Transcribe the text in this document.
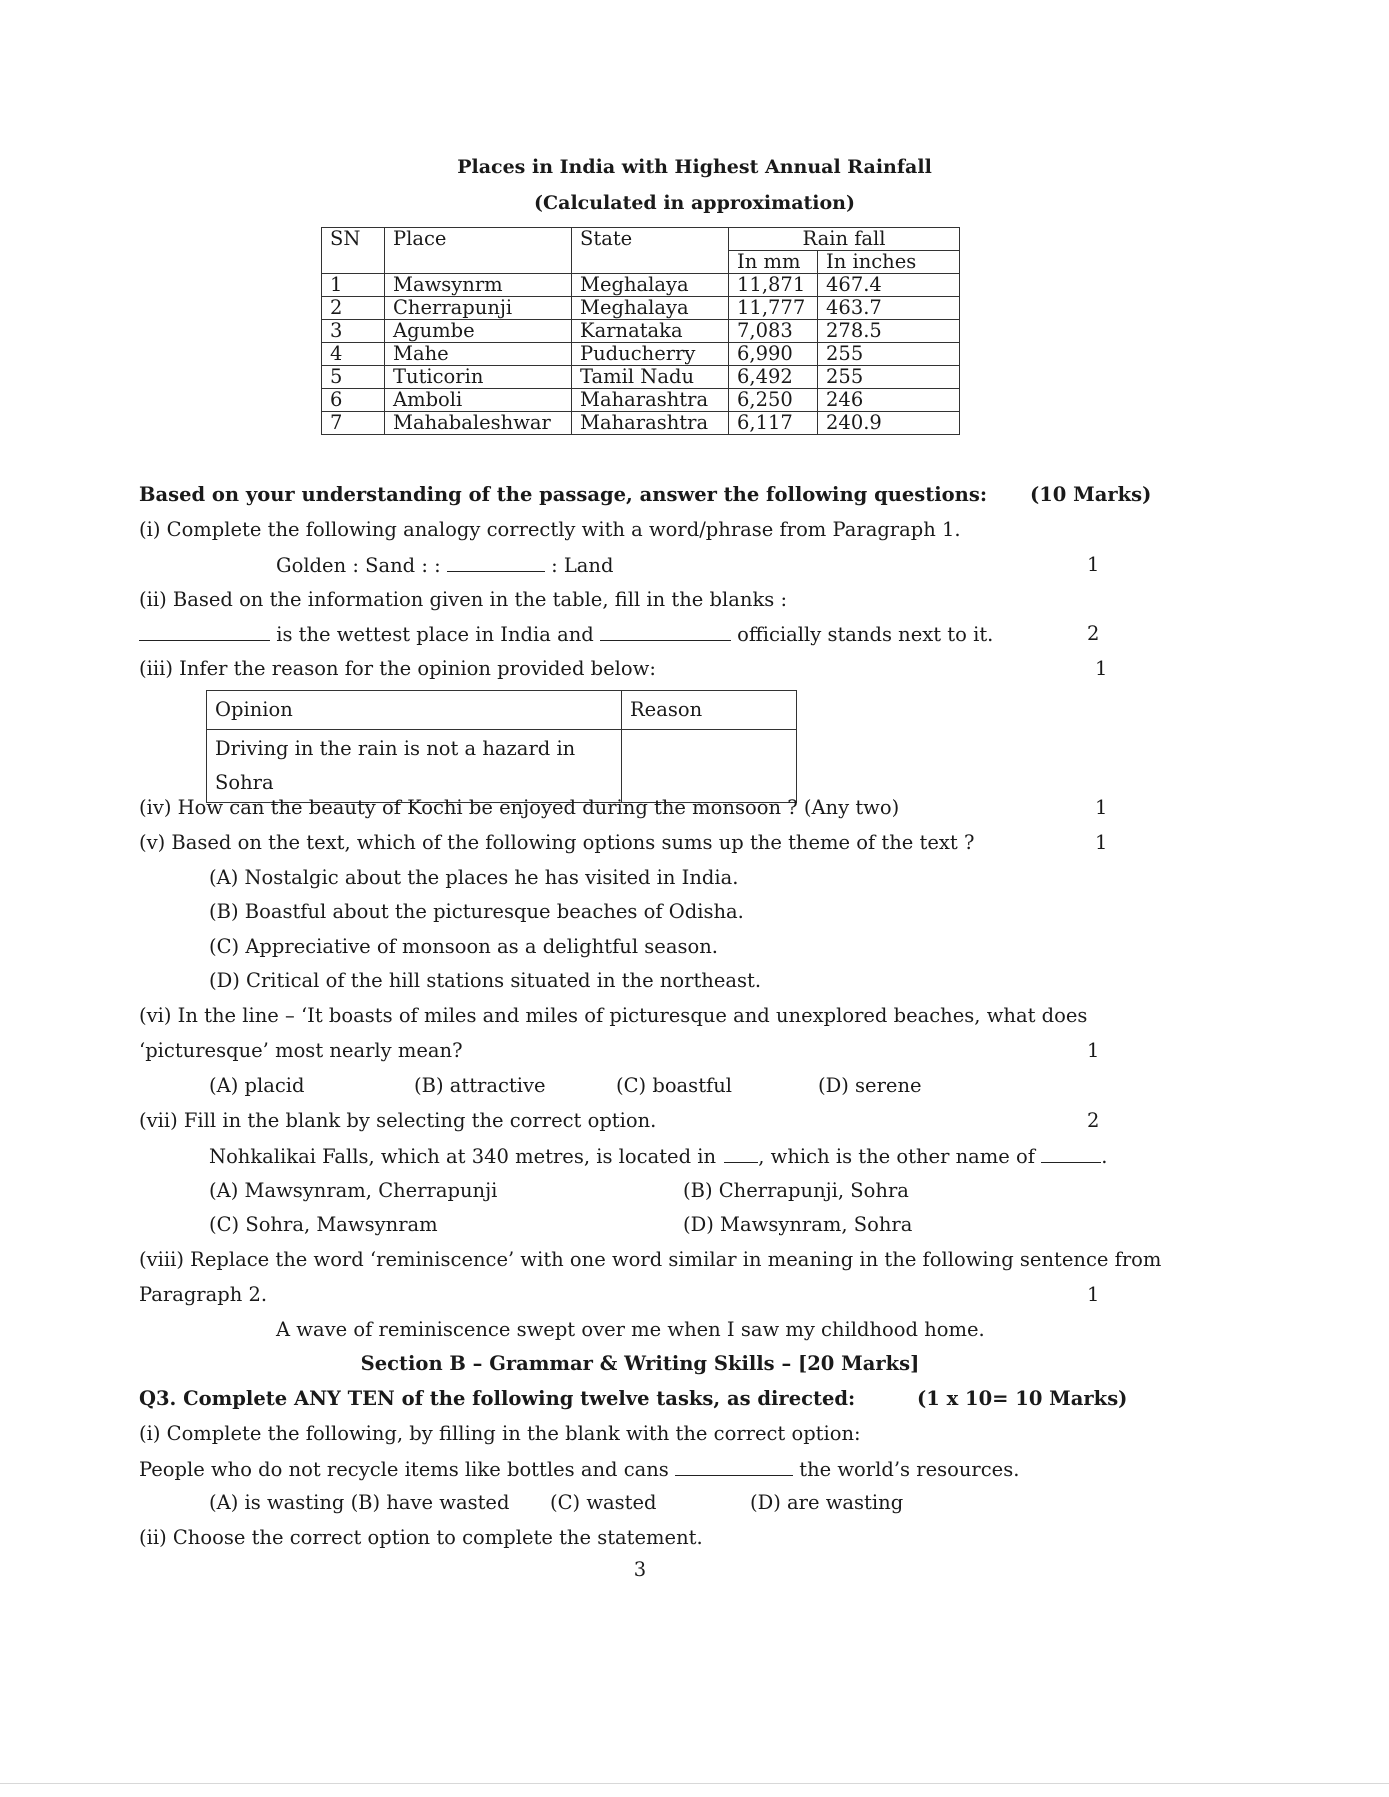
Places in India with Highest Annual Rainfall
(Calculated in approximation)
SN	Place	State	Rain fall	
			In mm	In inches
1	Mawsynrm	Meghalaya	11,871	467.4
2	Cherrapunji	Meghalaya	11,777	463.7
3	Agumbe	Karnataka	7,083	278.5
4	Mahe	Puducherry	6,990	255
5	Tuticorin	Tamil Nadu	6,492	255
6	Amboli	Maharashtra	6,250	246
7	Mahabaleshwar	Maharashtra	6,117	240.9
Based on your understanding of the passage, answer the following questions: (10 Marks)
(i) Complete the following analogy correctly with a word/phrase from Paragraph 1.
Golden : Sand : :	: Land	1
(ii) Based on the information given in the table, fill in the blanks :
is the wettest place in India and	officially stands next to it.	2
(iii) Infer the reason for the opinion provided below:	1
Opinion	Reason

Driving in the rain is not a hazard in
Sohra	

(iv) How can the beauty of Kochi be enjoyed during the monsoon ? (Any two)	1
(v) Based on the text, which of the following options sums up the theme of the text ?	1
(A) Nostalgic about the places he has visited in India.
(B) Boastful about the picturesque beaches of Odisha.
(C) Appreciative of monsoon as a delightful season.
(D) Critical of the hill stations situated in the northeast.
(vi) In the line – ‘It boasts of miles and miles of picturesque and unexplored beaches, what does
‘picturesque’ most nearly mean?	1
(A) placid	(B) attractive	(C) boastful	(D) serene
(vii) Fill in the blank by selecting the correct option.	2
Nohkalikai Falls, which at 340 metres, is located in , which is the other name of	.
(A) Mawsynram, Cherrapunji	(B) Cherrapunji, Sohra
(C) Sohra, Mawsynram	(D) Mawsynram, Sohra
(viii) Replace the word ‘reminiscence’ with one word similar in meaning in the following sentence from
Paragraph 2.	1
A wave of reminiscence swept over me when I saw my childhood home.
Section B – Grammar & Writing Skills – [20 Marks]
Q3. Complete ANY TEN of the following twelve tasks, as directed:	(1 x 10= 10 Marks)
(i) Complete the following, by filling in the blank with the correct option:
People who do not recycle items like bottles and cans	the world’s resources.
(A) is wasting (B) have wasted (C) wasted	(D) are wasting
(ii) Choose the correct option to complete the statement.
3
